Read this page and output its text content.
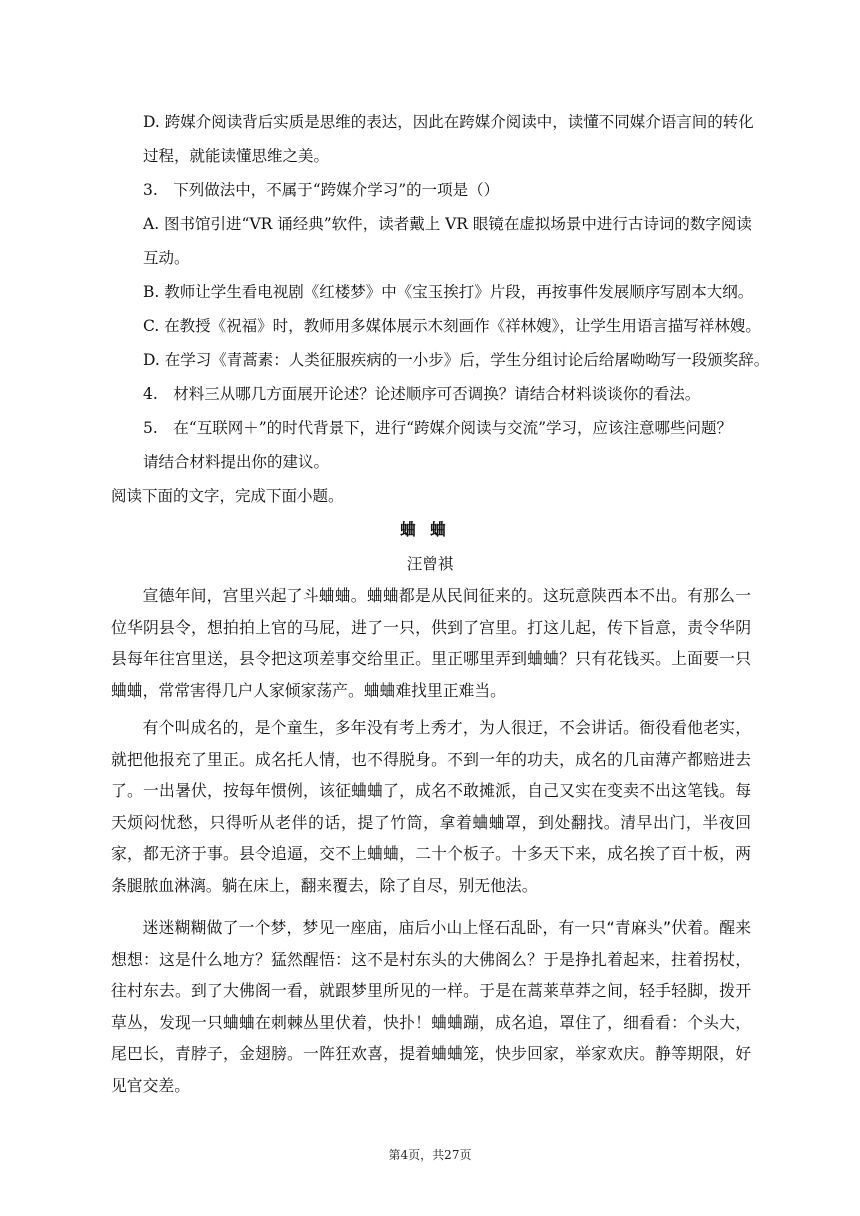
D. 跨媒介阅读背后实质是思维的表达，因此在跨媒介阅读中，读懂不同媒介语言间的转化
过程，就能读懂思维之美。
3.　下列做法中，不属于“跨媒介学习”的一项是（）
A. 图书馆引进“VR 诵经典”软件，读者戴上 VR 眼镜在虚拟场景中进行古诗词的数字阅读
互动。
B. 教师让学生看电视剧《红楼梦》中《宝玉挨打》片段，再按事件发展顺序写剧本大纲。
C. 在教授《祝福》时，教师用多媒体展示木刻画作《祥林嫂》，让学生用语言描写祥林嫂。
D. 在学习《青蒿素：人类征服疾病的一小步》后，学生分组讨论后给屠呦呦写一段颁奖辞。
4.　材料三从哪几方面展开论述？论述顺序可否调换？请结合材料谈谈你的看法。
5.　在“互联网＋”的时代背景下，进行“跨媒介阅读与交流”学习，应该注意哪些问题？
请结合材料提出你的建议。
阅读下面的文字，完成下面小题。
蛐蛐
汪曾祺
宣德年间，宫里兴起了斗蛐蛐。蛐蛐都是从民间征来的。这玩意陕西本不出。有那么一位华阴县令，想拍拍上官的马屁，进了一只，供到了宫里。打这儿起，传下旨意，责令华阴县每年往宫里送，县令把这项差事交给里正。里正哪里弄到蛐蛐？只有花钱买。上面要一只蛐蛐，常常害得几户人家倾家荡产。蛐蛐难找里正难当。
有个叫成名的，是个童生，多年没有考上秀才，为人很迂，不会讲话。衙役看他老实，就把他报充了里正。成名托人情，也不得脱身。不到一年的功夫，成名的几亩薄产都赔进去了。一出暑伏，按每年惯例，该征蛐蛐了，成名不敢摊派，自己又实在变卖不出这笔钱。每天烦闷忧愁，只得听从老伴的话，提了竹筒，拿着蛐蛐罩，到处翻找。清早出门，半夜回家，都无济于事。县令追逼，交不上蛐蛐，二十个板子。十多天下来，成名挨了百十板，两条腿脓血淋漓。躺在床上，翻来覆去，除了自尽，别无他法。
迷迷糊糊做了一个梦，梦见一座庙，庙后小山上怪石乱卧，有一只“青麻头”伏着。醒来想想：这是什么地方？猛然醒悟：这不是村东头的大佛阁么？于是挣扎着起来，拄着拐杖，往村东去。到了大佛阁一看，就跟梦里所见的一样。于是在蒿莱草莽之间，轻手轻脚，拨开草丛，发现一只蛐蛐在刺棘丛里伏着，快扑！蛐蛐蹦，成名追，罩住了，细看看：个头大，尾巴长，青脖子，金翅膀。一阵狂欢喜，提着蛐蛐笼，快步回家，举家欢庆。静等期限，好见官交差。
第4页，共27页
